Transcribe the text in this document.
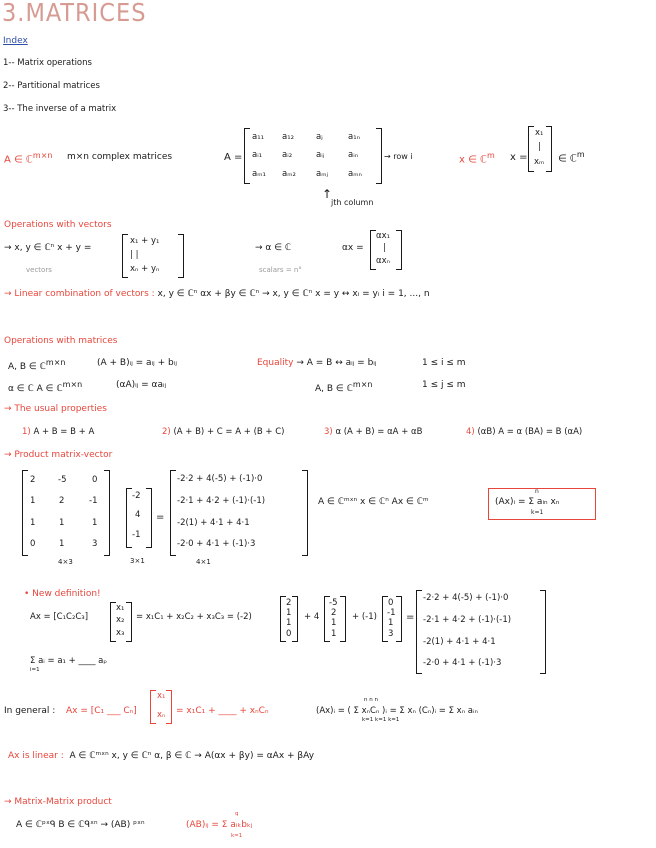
3.MATRICES
Index
1-- Matrix operations
2-- Partitional matrices
3-- The inverse of a matrix
A ∈ ℂ$^{m\times n}$ m×n complex matrices	A =
a₁₁ a₁₂	aⱼ	a₁ₙ
aᵢ₁ aᵢ₂	aᵢⱼ	aᵢₙ
aₘ₁ aₘ₂ aₘⱼ aₘₙ
→ row i
↑
jth column
x ∈ ℂ$^m$ x =
x₁
|
xₘ ∈ ℂ$^m$
Operations with vectors
→ x, y ∈ ℂⁿ x + y =
x₁ + y₁
| |
xₙ + yₙ
vectors
→ α ∈ ℂ	αx =
αx₁
|
αxₙ
scalars = n°
→ Linear combination of vectors : x, y ∈ ℂⁿ αx + βy ∈ ℂⁿ → x, y ∈ ℂⁿ x = y ↔ xᵢ = yᵢ i = 1, ..., n
Operations with matrices
A, B ∈ ℂ$^{m\times n}$	(A + B)ᵢⱼ = aᵢⱼ + bᵢⱼ	Equality → A = B ↔ aᵢⱼ = bᵢⱼ	1 ≤ i ≤ m
α ∈ ℂ A ∈ ℂ$^{m\times n}$	(αA)ᵢⱼ = αaᵢⱼ	A, B ∈ ℂ$^{m\times n}$	1 ≤ j ≤ m
→ The usual properties
1) A + B = B + A	2) (A + B) + C = A + (B + C)	3) α (A + B) = αA + αB	4) (αB) A = α (BA) = B (αA)
→ Product matrix-vector
2	-5	0
1	2	-1
1	1	1
0	1	3
4×3
-2
4
-1
3×1
=
-2·2 + 4(-5) + (-1)·0
-2·1 + 4·2 + (-1)·(-1)
-2(1) + 4·1 + 4·1
-2·0 + 4·1 + (-1)·3
4×1
A ∈ ℂᵐˣⁿ x ∈ ℂⁿ Ax ∈ ℂᵐ
n
(Ax)ᵢ = Σ aᵢₙ xₙ
k=1
• New definition!
Ax = [C₁C₂C₃]
x₁
x₂
x₃
= x₁C₁ + x₂C₂ + x₃C₃ = (-2)
2
1
1
0
+ 4
-5
2
1
1
+ (-1)
0
-1
1
3
=
-2·2 + 4(-5) + (-1)·0
-2·1 + 4·2 + (-1)·(-1)
-2(1) + 4·1 + 4·1
-2·0 + 4·1 + (-1)·3
Σ aᵢ = a₁ + ____ aₚ
i=1
In general : Ax = [C₁ ___ Cₙ]
x₁
xₙ = x₁C₁ + ____ + xₙCₙ	(Ax)ᵢ = ( Σ xₙCₙ )ᵢ = Σ xₙ (Cₙ)ᵢ = Σ xₙ aᵢₙ
n n n
k=1 k=1 k=1
Ax is linear : A ∈ ℂᵐˣⁿ x, y ∈ ℂⁿ α, β ∈ ℂ → A(αx + βy) = αAx + βAy
→ Matrix-Matrix product
A ∈ ℂᵖˣᑫ B ∈ ℂᑫˣⁿ → (AB) ᵖˣⁿ	(AB)ᵢⱼ = Σ aᵢₖbₖⱼ
q
k=1
